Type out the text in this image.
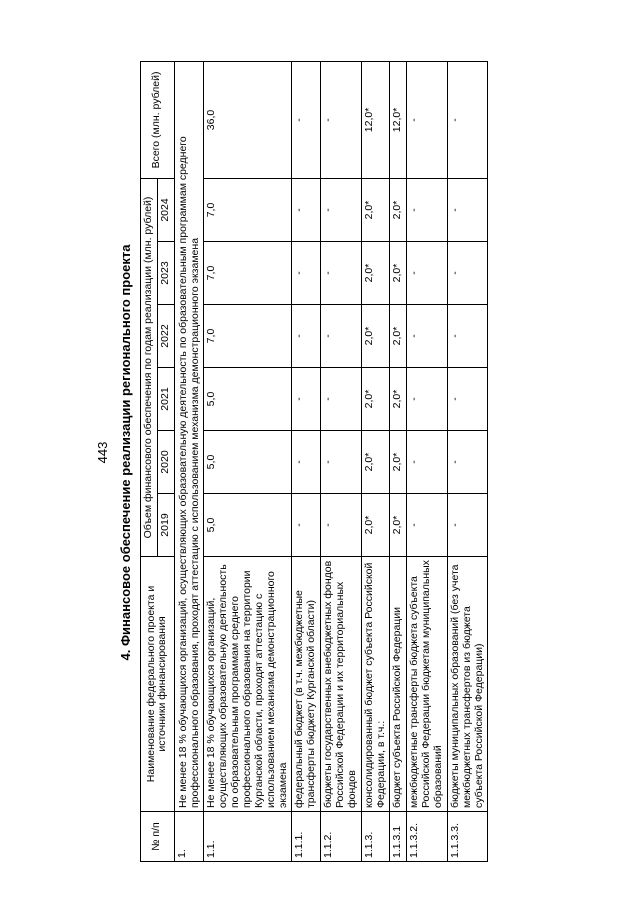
443 4. Финансовое обеспечение реализации регионального проекта
№ п/п	Наименование федерального проекта и источники финансирования	Объем финансового обеспечения по годам реализации (млн. рублей)						Всего (млн. рублей)
		2019	2020	2021	2022	2023	2024	
1.	Не менее 18 % обучающихся организаций, осуществляющих образовательную деятельность по образовательным программам среднего профессионального образования, проходят аттестацию с использованием механизма демонстрационного экзамена							
1.1.	Не менее 18 % обучающихся организаций, осуществляющих образовательную деятельность по образовательным программам среднего профессионального образования на территории Курганской области, проходят аттестацию с использованием механизма демонстрационного экзамена	5,0	5,0	5,0	7,0	7,0	7,0	36,0
1.1.1.	федеральный бюджет (в т.ч. межбюджетные трансферты бюджету Курганской области)	-	-	-	-	-	-	-
1.1.2.	бюджеты государственных внебюджетных фондов Российской Федерации и их территориальных фондов	-	-	-	-	-	-	-
1.1.3.	консолидированный бюджет субъекта Российской Федерации, в т.ч.:	2,0*	2,0*	2,0*	2,0*	2,0*	2,0*	12,0*
1.1.3.1	бюджет субъекта Российской Федерации	2,0*	2,0*	2,0*	2,0*	2,0*	2,0*	12,0*
1.1.3.2.	межбюджетные трансферты бюджета субъекта Российской Федерации бюджетам муниципальных образований	-	-	-	-	-	-	-
1.1.3.3.	бюджеты муниципальных образований (без учета межбюджетных трансфертов из бюджета субъекта Российской Федерации)	-	-	-	-	-	-	-
